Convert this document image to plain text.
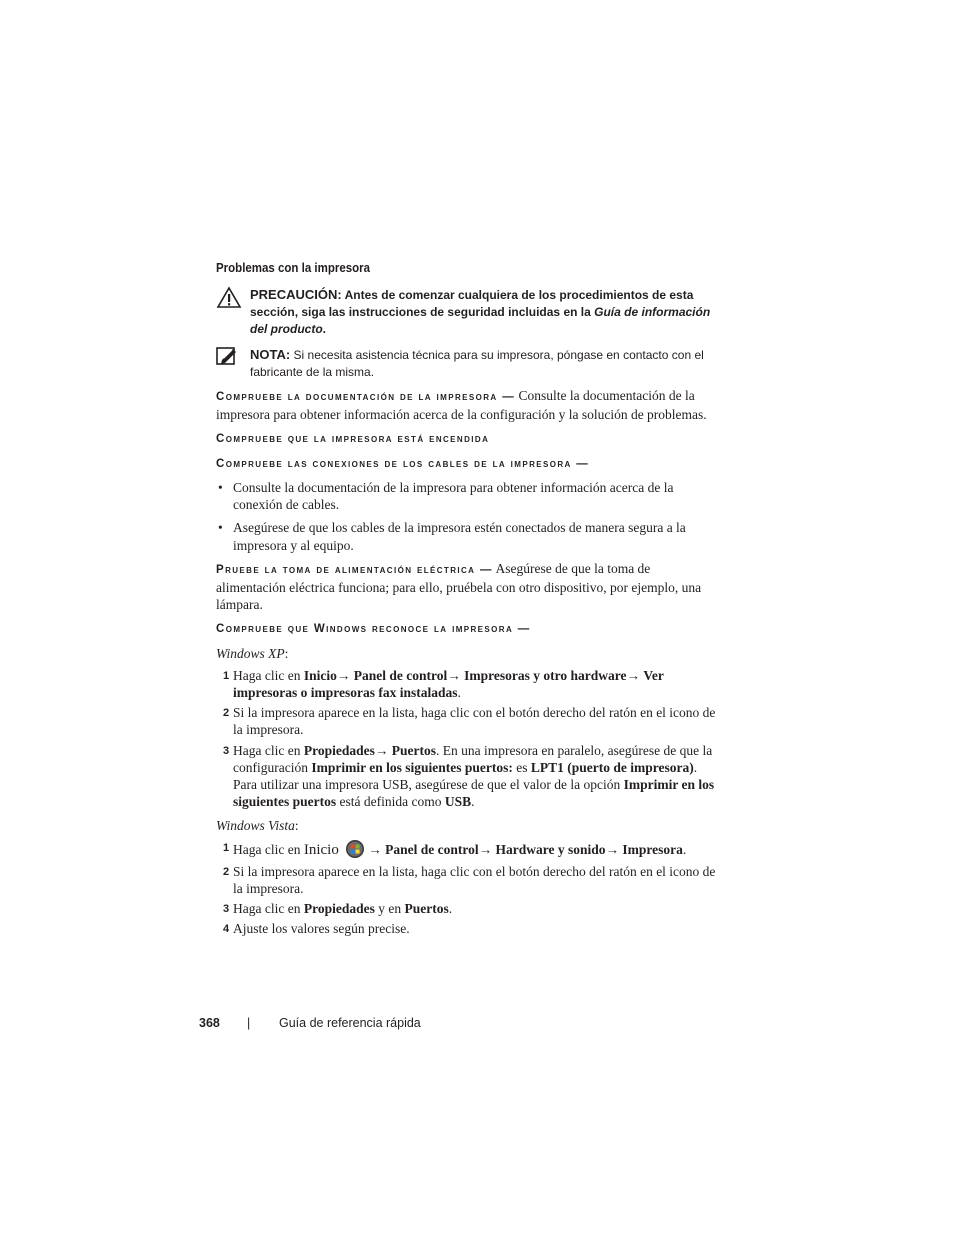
Problemas con la impresora
PRECAUCIÓN: Antes de comenzar cualquiera de los procedimientos de esta sección, siga las instrucciones de seguridad incluidas en la Guía de información del producto.
NOTA: Si necesita asistencia técnica para su impresora, póngase en contacto con el fabricante de la misma.
Compruebe la documentación de la impresora — Consulte la documentación de la impresora para obtener información acerca de la configuración y la solución de problemas.
Compruebe que la impresora está encendida
Compruebe las conexiones de los cables de la impresora —
• Consulte la documentación de la impresora para obtener información acerca de la conexión de cables.
• Asegúrese de que los cables de la impresora estén conectados de manera segura a la impresora y al equipo.
Pruebe la toma de alimentación eléctrica — Asegúrese de que la toma de alimentación eléctrica funciona; para ello, pruébela con otro dispositivo, por ejemplo, una lámpara.
Compruebe que Windows reconoce la impresora —
Windows XP:
1 Haga clic en Inicio→ Panel de control→ Impresoras y otro hardware→ Ver impresoras o impresoras fax instaladas.
2 Si la impresora aparece en la lista, haga clic con el botón derecho del ratón en el icono de la impresora.
3 Haga clic en Propiedades→ Puertos. En una impresora en paralelo, asegúrese de que la configuración Imprimir en los siguientes puertos: es LPT1 (puerto de impresora). Para utilizar una impresora USB, asegúrese de que el valor de la opción Imprimir en los siguientes puertos está definida como USB.
Windows Vista:
1 Haga clic en Inicio → Panel de control→ Hardware y sonido→ Impresora.
2 Si la impresora aparece en la lista, haga clic con el botón derecho del ratón en el icono de la impresora.
3 Haga clic en Propiedades y en Puertos.
4 Ajuste los valores según precise.
368 | Guía de referencia rápida
